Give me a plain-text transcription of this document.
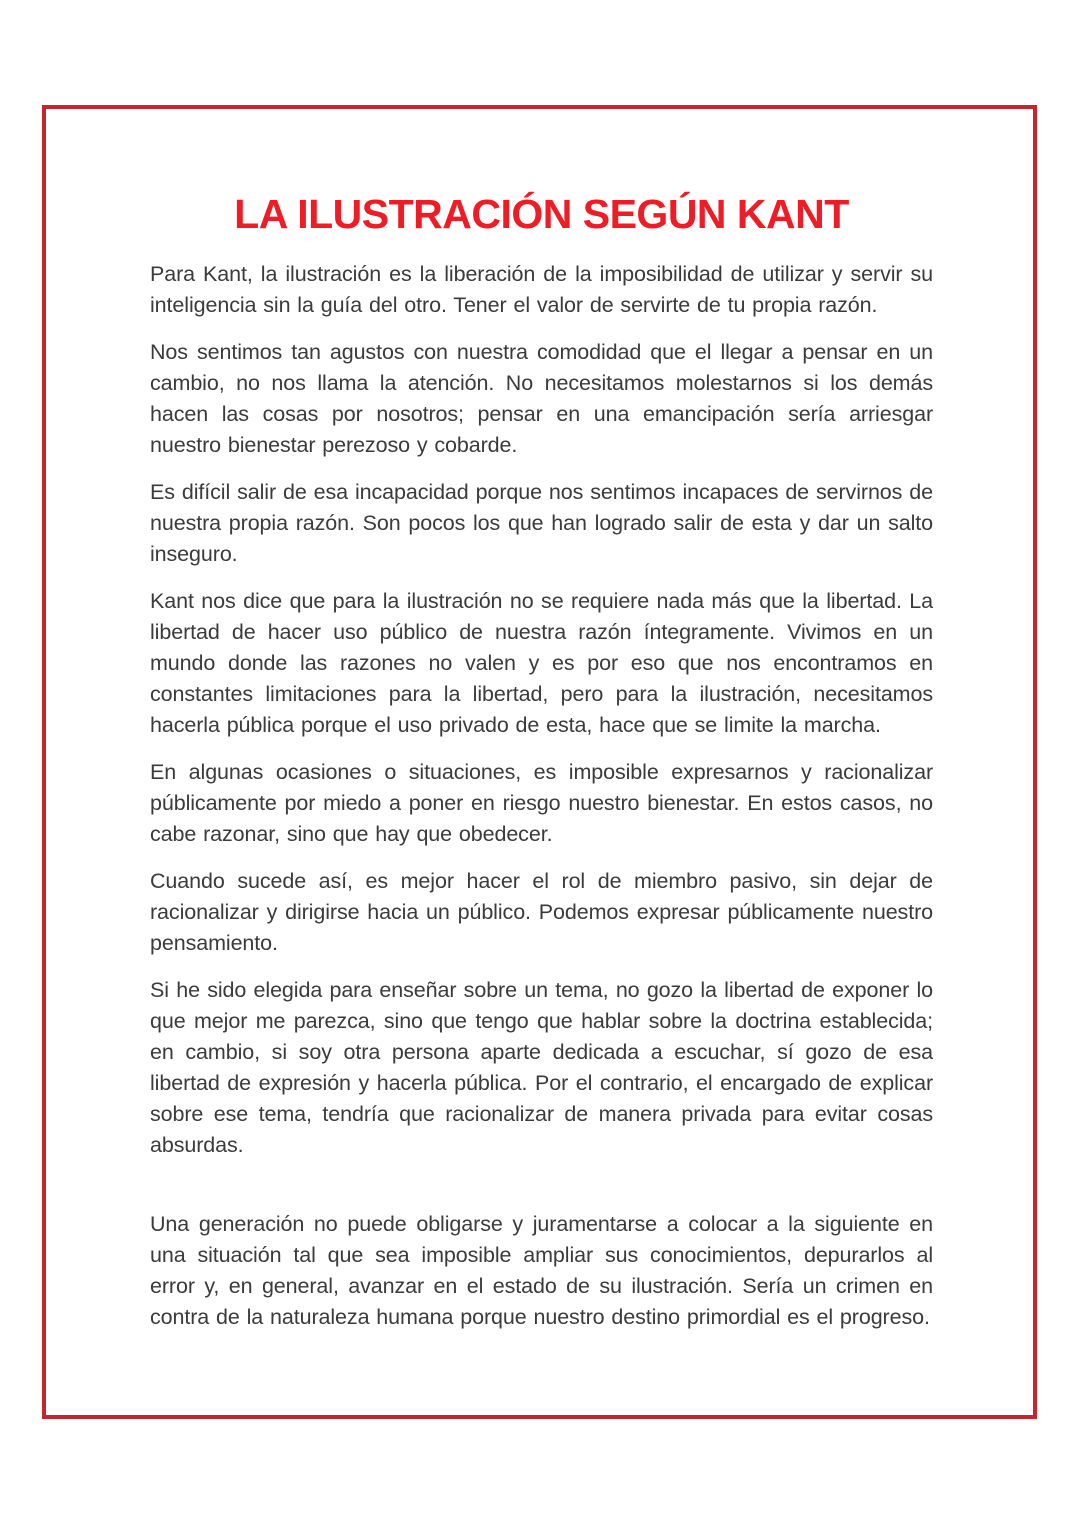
LA ILUSTRACIÓN SEGÚN KANT

Para Kant, la ilustración es la liberación de la imposibilidad de utilizar y servir su inteligencia sin la guía del otro. Tener el valor de servirte de tu propia razón.

Nos sentimos tan agustos con nuestra comodidad que el llegar a pensar en un cambio, no nos llama la atención. No necesitamos molestarnos si los demás hacen las cosas por nosotros; pensar en una emancipación sería arriesgar nuestro bienestar perezoso y cobarde.

Es difícil salir de esa incapacidad porque nos sentimos incapaces de servirnos de nuestra propia razón. Son pocos los que han logrado salir de esta y dar un salto inseguro.

Kant nos dice que para la ilustración no se requiere nada más que la libertad. La libertad de hacer uso público de nuestra razón íntegramente. Vivimos en un mundo donde las razones no valen y es por eso que nos encontramos en constantes limitaciones para la libertad, pero para la ilustración, necesitamos hacerla pública porque el uso privado de esta, hace que se limite la marcha.

En algunas ocasiones o situaciones, es imposible expresarnos y racionalizar públicamente por miedo a poner en riesgo nuestro bienestar. En estos casos, no cabe razonar, sino que hay que obedecer.

Cuando sucede así, es mejor hacer el rol de miembro pasivo, sin dejar de racionalizar y dirigirse hacia un público. Podemos expresar públicamente nuestro pensamiento.

Si he sido elegida para enseñar sobre un tema, no gozo la libertad de exponer lo que mejor me parezca, sino que tengo que hablar sobre la doctrina establecida; en cambio, si soy otra persona aparte dedicada a escuchar, sí gozo de esa libertad de expresión y hacerla pública. Por el contrario, el encargado de explicar sobre ese tema, tendría que racionalizar de manera privada para evitar cosas absurdas.

Una generación no puede obligarse y juramentarse a colocar a la siguiente en una situación tal que sea imposible ampliar sus conocimientos, depurarlos al error y, en general, avanzar en el estado de su ilustración. Sería un crimen en contra de la naturaleza humana porque nuestro destino primordial es el progreso.
